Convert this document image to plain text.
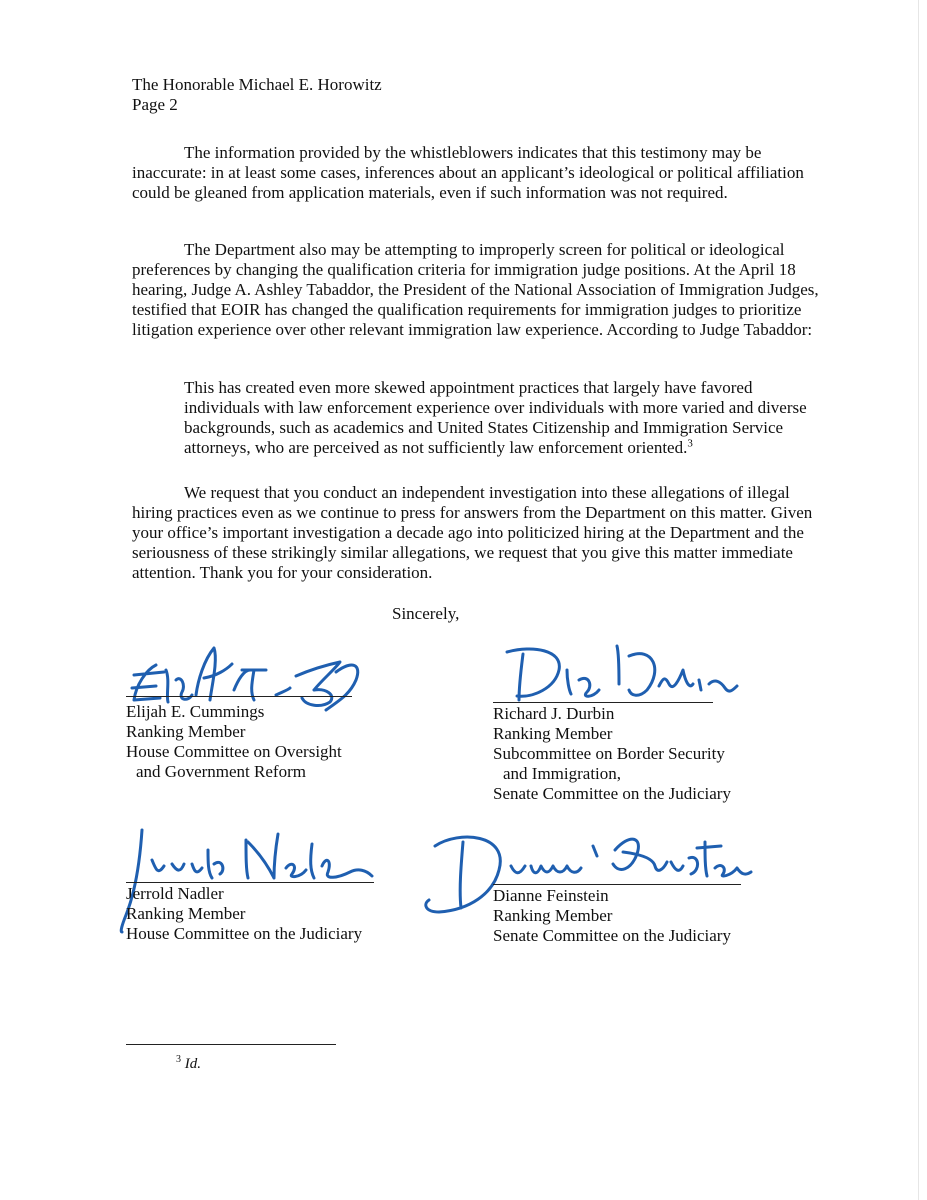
The Honorable Michael E. Horowitz
Page 2

The information provided by the whistleblowers indicates that this testimony may be inaccurate: in at least some cases, inferences about an applicant’s ideological or political affiliation could be gleaned from application materials, even if such information was not required.

The Department also may be attempting to improperly screen for political or ideological preferences by changing the qualification criteria for immigration judge positions. At the April 18 hearing, Judge A. Ashley Tabaddor, the President of the National Association of Immigration Judges, testified that EOIR has changed the qualification requirements for immigration judges to prioritize litigation experience over other relevant immigration law experience. According to Judge Tabaddor:

This has created even more skewed appointment practices that largely have favored individuals with law enforcement experience over individuals with more varied and diverse backgrounds, such as academics and United States Citizenship and Immigration Service attorneys, who are perceived as not sufficiently law enforcement oriented.$^3$

We request that you conduct an independent investigation into these allegations of illegal hiring practices even as we continue to press for answers from the Department on this matter. Given your office’s important investigation a decade ago into politicized hiring at the Department and the seriousness of these strikingly similar allegations, we request that you give this matter immediate attention. Thank you for your consideration.

Sincerely,
Elijah E. Cummings
Ranking Member
House Committee on Oversight
and Government Reform
Richard J. Durbin
Ranking Member
Subcommittee on Border Security
and Immigration,
Senate Committee on the Judiciary
Jerrold Nadler
Ranking Member
House Committee on the Judiciary
Dianne Feinstein
Ranking Member
Senate Committee on the Judiciary
$^3$ Id.
